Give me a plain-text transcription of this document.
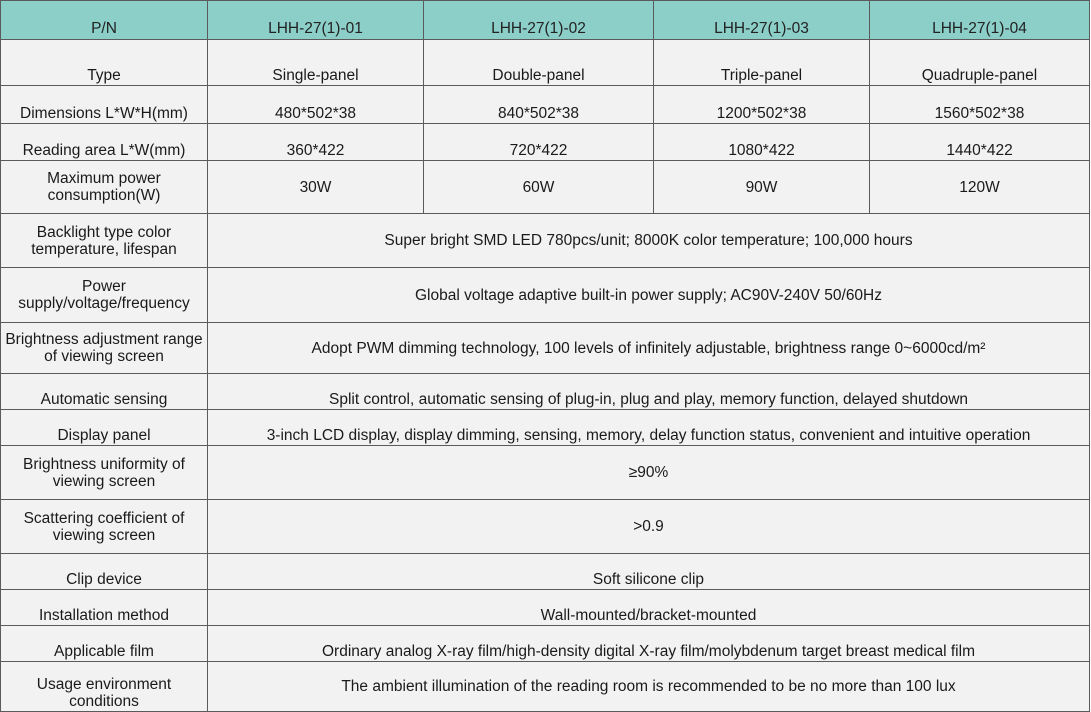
P/N	LHH-27(1)-01	LHH-27(1)-02	LHH-27(1)-03	LHH-27(1)-04
Type	Single-panel	Double-panel	Triple-panel	Quadruple-panel
Dimensions L*W*H(mm)	480*502*38	840*502*38	1200*502*38	1560*502*38
Reading area L*W(mm)	360*422	720*422	1080*422	1440*422
Maximum power consumption(W)	30W	60W	90W	120W
Backlight type color temperature, lifespan	Super bright SMD LED 780pcs/unit; 8000K color temperature; 100,000 hours			
Power supply/voltage/frequency	Global voltage adaptive built-in power supply; AC90V-240V 50/60Hz			
Brightness adjustment range of viewing screen	Adopt PWM dimming technology, 100 levels of infinitely adjustable, brightness range 0~6000cd/m²			
Automatic sensing	Split control, automatic sensing of plug-in, plug and play, memory function, delayed shutdown			
Display panel	3-inch LCD display, display dimming, sensing, memory, delay function status, convenient and intuitive operation			
Brightness uniformity of viewing screen	≥90%			
Scattering coefficient of viewing screen	>0.9			
Clip device	Soft silicone clip			
Installation method	Wall-mounted/bracket-mounted			
Applicable film	Ordinary analog X-ray film/high-density digital X-ray film/molybdenum target breast medical film			
Usage environment conditions	The ambient illumination of the reading room is recommended to be no more than 100 lux			
